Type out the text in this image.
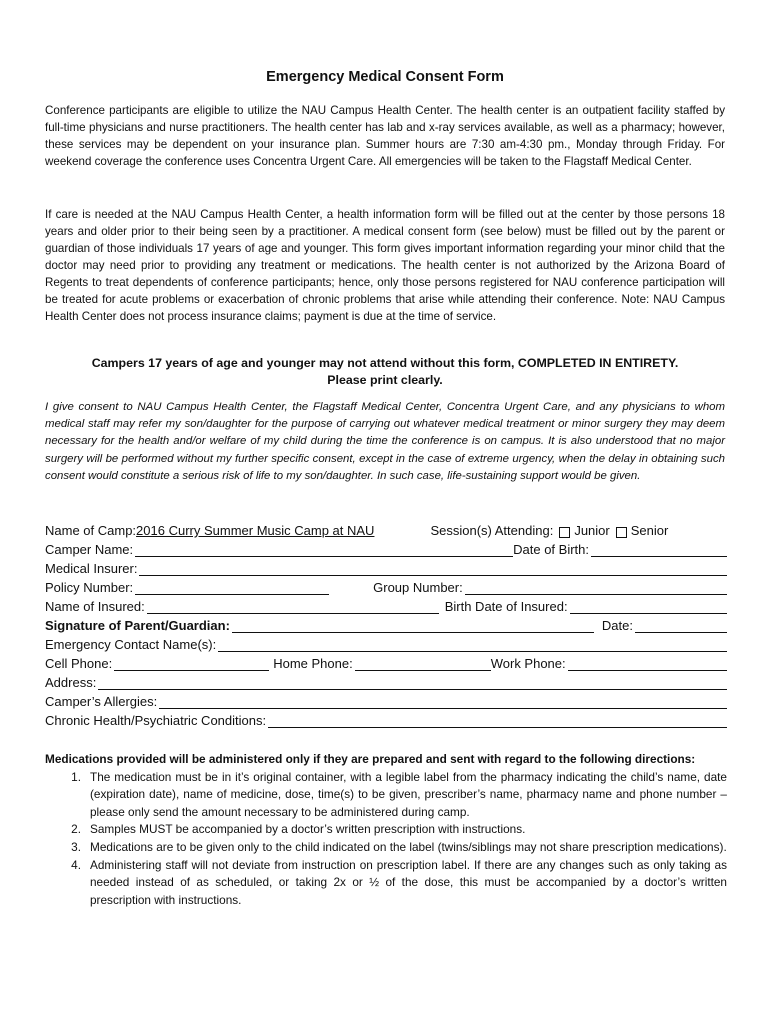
Emergency Medical Consent Form
Conference participants are eligible to utilize the NAU Campus Health Center. The health center is an outpatient facility staffed by full-time physicians and nurse practitioners. The health center has lab and x-ray services available, as well as a pharmacy; however, these services may be dependent on your insurance plan. Summer hours are 7:30 am-4:30 pm., Monday through Friday. For weekend coverage the conference uses Concentra Urgent Care. All emergencies will be taken to the Flagstaff Medical Center.
If care is needed at the NAU Campus Health Center, a health information form will be filled out at the center by those persons 18 years and older prior to their being seen by a practitioner. A medical consent form (see below) must be filled out by the parent or guardian of those individuals 17 years of age and younger. This form gives important information regarding your minor child that the doctor may need prior to providing any treatment or medications. The health center is not authorized by the Arizona Board of Regents to treat dependents of conference participants; hence, only those persons registered for NAU conference participation will be treated for acute problems or exacerbation of chronic problems that arise while attending their conference. Note: NAU Campus Health Center does not process insurance claims; payment is due at the time of service.
Campers 17 years of age and younger may not attend without this form, COMPLETED IN ENTIRETY.
Please print clearly.
I give consent to NAU Campus Health Center, the Flagstaff Medical Center, Concentra Urgent Care, and any physicians to whom medical staff may refer my son/daughter for the purpose of carrying out whatever medical treatment or minor surgery they may deem necessary for the health and/or welfare of my child during the time the conference is on campus. It is also understood that no major surgery will be performed without my further specific consent, except in the case of extreme urgency, when the delay in obtaining such consent would constitute a serious risk of life to my son/daughter. In such case, life-sustaining support would be given.
Name of Camp: 2016 Curry Summer Music Camp at NAU	Session(s) Attending: Junior Senior
Camper Name:	Date of Birth:
Medical Insurer:
Policy Number:	Group Number:
Name of Insured:	Birth Date of Insured:
Signature of Parent/Guardian:	Date:
Emergency Contact Name(s):
Cell Phone:	Home Phone:	Work Phone:
Address:
Camper’s Allergies:
Chronic Health/Psychiatric Conditions:
Medications provided will be administered only if they are prepared and sent with regard to the following directions:
1. The medication must be in it’s original container, with a legible label from the pharmacy indicating the child’s name, date (expiration date), name of medicine, dose, time(s) to be given, prescriber’s name, pharmacy name and phone number – please only send the amount necessary to be administered during camp.
2. Samples MUST be accompanied by a doctor’s written prescription with instructions.
3. Medications are to be given only to the child indicated on the label (twins/siblings may not share prescription medications).
4. Administering staff will not deviate from instruction on prescription label. If there are any changes such as only taking as needed instead of as scheduled, or taking 2x or ½ of the dose, this must be accompanied by a doctor’s written prescription with instructions.
